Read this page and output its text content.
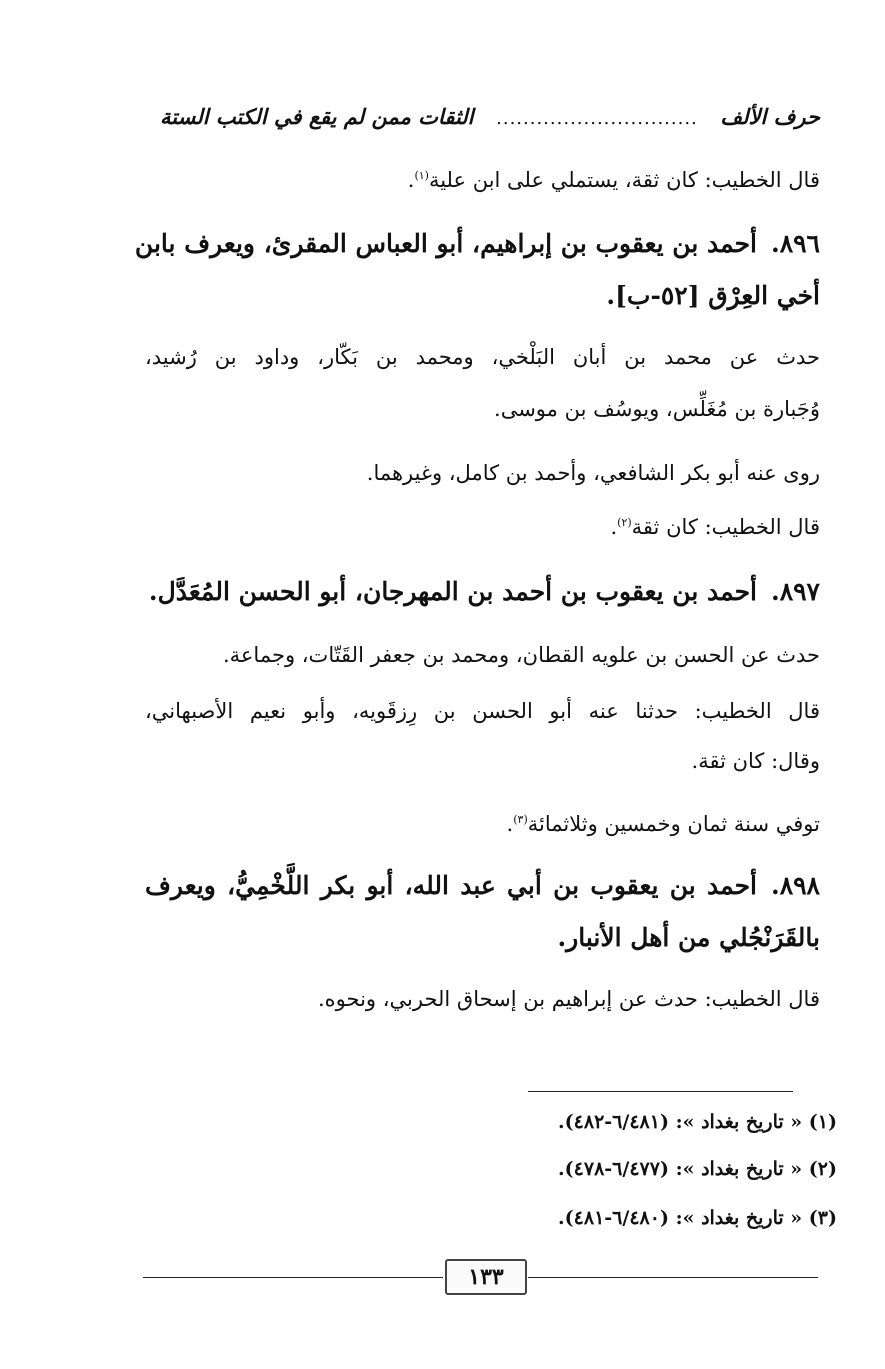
حرف الألف
..............................
الثقات ممن لم يقع في الكتب الستة
قال الخطيب: كان ثقة، يستملي على ابن علية$^{(١)}$.
٨٩٦.أحمد بن يعقوب بن إبراهيم، أبو العباس المقرئ، ويعرف بابن
أخي العِرْق [٥٢-ب].
حدث عن محمد بن أبان البَلْخي، ومحمد بن بَكّار، وداود بن رُشيد،
وُجَبارة بن مُغَلِّس، ويوسُف بن موسى.
روى عنه أبو بكر الشافعي، وأحمد بن كامل، وغيرهما.
قال الخطيب: كان ثقة$^{(٢)}$.
٨٩٧.أحمد بن يعقوب بن أحمد بن المهرجان، أبو الحسن المُعَدَّل.
حدث عن الحسن بن علويه القطان، ومحمد بن جعفر القَتّات، وجماعة.
قال الخطيب: حدثنا عنه أبو الحسن بن رِزقَويه، وأبو نعيم الأصبهاني،
وقال: كان ثقة.
توفي سنة ثمان وخمسين وثلاثمائة$^{(٣)}$.
٨٩٨.أحمد بن يعقوب بن أبي عبد الله، أبو بكر اللَّخْمِيُّ، ويعرف
بالقَرَنْجُلي من أهل الأنبار.
قال الخطيب: حدث عن إبراهيم بن إسحاق الحربي، ونحوه.
(١) « تاريخ بغداد »: (٦/٤٨١-٤٨٢).
(٢) « تاريخ بغداد »: (٦/٤٧٧-٤٧٨).
(٣) « تاريخ بغداد »: (٦/٤٨٠-٤٨١).
١٣٣
